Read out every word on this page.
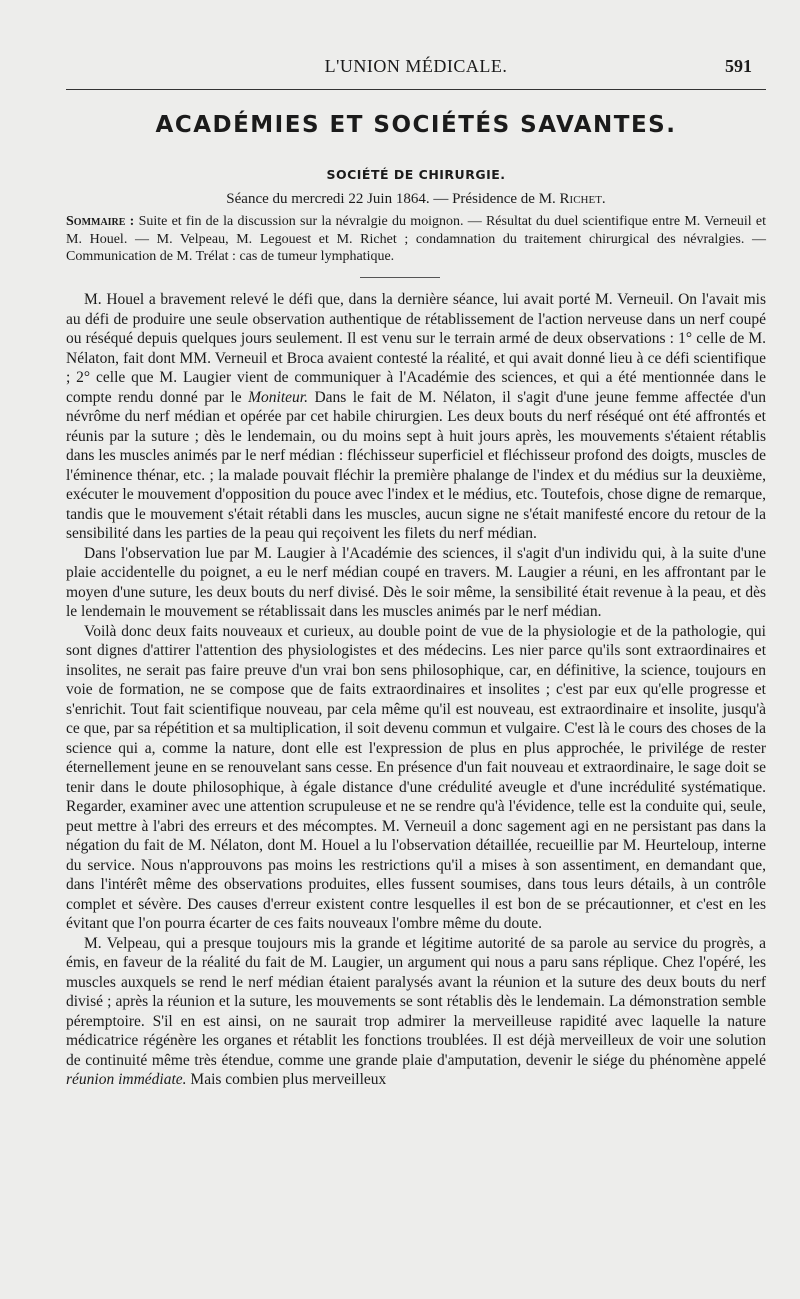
L'UNION MÉDICALE.	591
ACADÉMIES ET SOCIÉTÉS SAVANTES.
SOCIÉTÉ DE CHIRURGIE.
Séance du mercredi 22 Juin 1864. — Présidence de M. Richet.
Sommaire : Suite et fin de la discussion sur la névralgie du moignon. — Résultat du duel scientifique entre M. Verneuil et M. Houel. — M. Velpeau, M. Legouest et M. Richet ; condamnation du traitement chirurgical des névralgies. — Communication de M. Trélat : cas de tumeur lymphatique.

M. Houel a bravement relevé le défi que, dans la dernière séance, lui avait porté M. Verneuil. On l'avait mis au défi de produire une seule observation authentique de rétablissement de l'action nerveuse dans un nerf coupé ou réséqué depuis quelques jours seulement. Il est venu sur le terrain armé de deux observations : 1° celle de M. Nélaton, fait dont MM. Verneuil et Broca avaient contesté la réalité, et qui avait donné lieu à ce défi scientifique ; 2° celle que M. Laugier vient de communiquer à l'Académie des sciences, et qui a été mentionnée dans le compte rendu donné par le Moniteur. Dans le fait de M. Nélaton, il s'agit d'une jeune femme affectée d'un névrôme du nerf médian et opérée par cet habile chirurgien. Les deux bouts du nerf réséqué ont été affrontés et réunis par la suture ; dès le lendemain, ou du moins sept à huit jours après, les mouvements s'étaient rétablis dans les muscles animés par le nerf médian : fléchisseur superficiel et fléchisseur profond des doigts, muscles de l'éminence thénar, etc. ; la malade pouvait fléchir la première phalange de l'index et du médius sur la deuxième, exécuter le mouvement d'opposition du pouce avec l'index et le médius, etc. Toutefois, chose digne de remarque, tandis que le mouvement s'était rétabli dans les muscles, aucun signe ne s'était manifesté encore du retour de la sensibilité dans les parties de la peau qui reçoivent les filets du nerf médian.

Dans l'observation lue par M. Laugier à l'Académie des sciences, il s'agit d'un individu qui, à la suite d'une plaie accidentelle du poignet, a eu le nerf médian coupé en travers. M. Laugier a réuni, en les affrontant par le moyen d'une suture, les deux bouts du nerf divisé. Dès le soir même, la sensibilité était revenue à la peau, et dès le lendemain le mouvement se rétablissait dans les muscles animés par le nerf médian.

Voilà donc deux faits nouveaux et curieux, au double point de vue de la physiologie et de la pathologie, qui sont dignes d'attirer l'attention des physiologistes et des médecins. Les nier parce qu'ils sont extraordinaires et insolites, ne serait pas faire preuve d'un vrai bon sens philosophique, car, en définitive, la science, toujours en voie de formation, ne se compose que de faits extraordinaires et insolites ; c'est par eux qu'elle progresse et s'enrichit. Tout fait scientifique nouveau, par cela même qu'il est nouveau, est extraordinaire et insolite, jusqu'à ce que, par sa répétition et sa multiplication, il soit devenu commun et vulgaire. C'est là le cours des choses de la science qui a, comme la nature, dont elle est l'expression de plus en plus approchée, le privilége de rester éternellement jeune en se renouvelant sans cesse. En présence d'un fait nouveau et extraordinaire, le sage doit se tenir dans le doute philosophique, à égale distance d'une crédulité aveugle et d'une incrédulité systématique. Regarder, examiner avec une attention scrupuleuse et ne se rendre qu'à l'évidence, telle est la conduite qui, seule, peut mettre à l'abri des erreurs et des mécomptes. M. Verneuil a donc sagement agi en ne persistant pas dans la négation du fait de M. Nélaton, dont M. Houel a lu l'observation détaillée, recueillie par M. Heurteloup, interne du service. Nous n'approuvons pas moins les restrictions qu'il a mises à son assentiment, en demandant que, dans l'intérêt même des observations produites, elles fussent soumises, dans tous leurs détails, à un contrôle complet et sévère. Des causes d'erreur existent contre lesquelles il est bon de se précautionner, et c'est en les évitant que l'on pourra écarter de ces faits nouveaux l'ombre même du doute.

M. Velpeau, qui a presque toujours mis la grande et légitime autorité de sa parole au service du progrès, a émis, en faveur de la réalité du fait de M. Laugier, un argument qui nous a paru sans réplique. Chez l'opéré, les muscles auxquels se rend le nerf médian étaient paralysés avant la réunion et la suture des deux bouts du nerf divisé ; après la réunion et la suture, les mouvements se sont rétablis dès le lendemain. La démonstration semble péremptoire. S'il en est ainsi, on ne saurait trop admirer la merveilleuse rapidité avec laquelle la nature médicatrice régénère les organes et rétablit les fonctions troublées. Il est déjà merveilleux de voir une solution de continuité même très étendue, comme une grande plaie d'amputation, devenir le siége du phénomène appelé réunion immédiate. Mais combien plus merveilleux
